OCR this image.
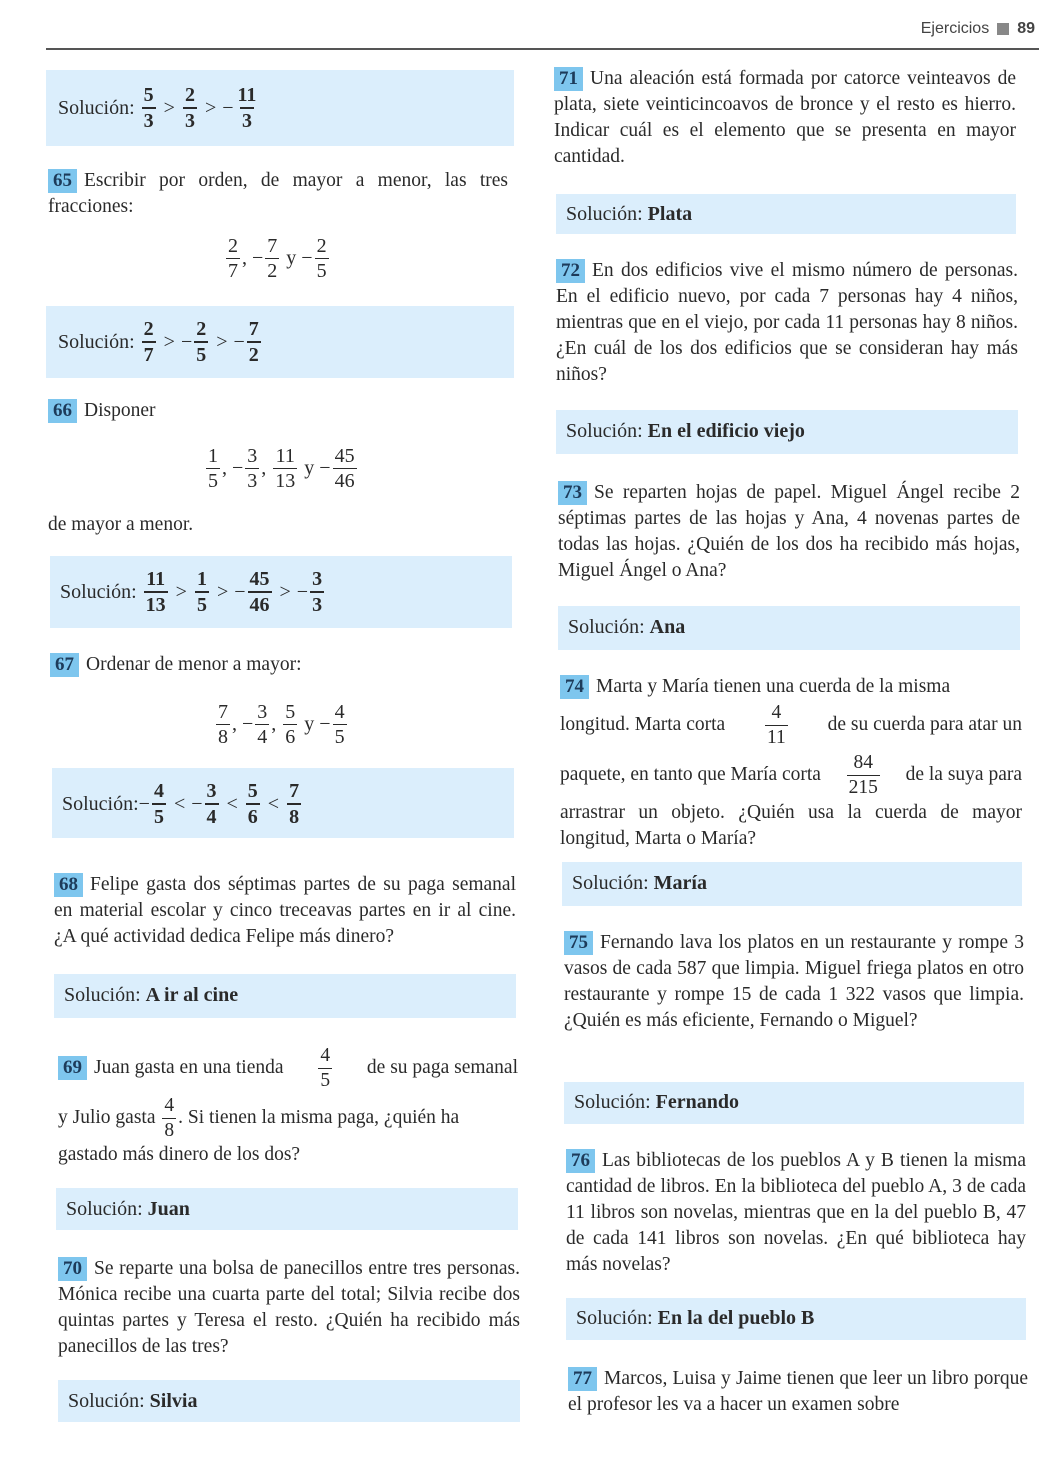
Ejercicios 89
Solución:
$\frac{5}{3} > \frac{2}{3}$ > − $\frac{11}{3}$
65 Escribir por orden, de mayor a menor, las tres fracciones:
$\frac{2}{7}$ ,
− $\frac{7}{2}$
y
− $\frac{2}{5}$
Solución:
$\frac{2}{7}$ > − $\frac{2}{5}$ > − $\frac{7}{2}$
66 Disponer
$\frac{1}{5}$ ,
− $\frac{3}{3}$ ,
$\frac{11}{13}$
y
− $\frac{45}{46}$
de mayor a menor.
Solución:
$\frac{11}{13} > \frac{1}{5}$ > − $\frac{45}{46}$ > − $\frac{3}{3}$
67 Ordenar de menor a mayor:
$\frac{7}{8}$ ,
− $\frac{3}{4}$ ,
$\frac{5}{6}$
y
− $\frac{4}{5}$
Solución: − $\frac{4}{5}$ < − $\frac{3}{4} < \frac{5}{6} < \frac{7}{8}$
68 Felipe gasta dos séptimas partes de su paga semanal en material escolar y cinco treceavas partes en ir al cine. ¿A qué actividad dedica Felipe más dinero?
Solución: A ir al cine
69 Juan gasta en una tienda $\frac{4}{5}$ de su paga semanal
y Julio gasta
$\frac{4}{8}$ . Si tienen la misma paga, ¿quién ha
gastado más dinero de los dos?
Solución: Juan
70 Se reparte una bolsa de panecillos entre tres personas. Mónica recibe una cuarta parte del total; Silvia recibe dos quintas partes y Teresa el resto. ¿Quién ha recibido más panecillos de las tres?
Solución: Silvia
71 Una aleación está formada por catorce veinteavos de plata, siete veinticincoavos de bronce y el resto es hierro. Indicar cuál es el elemento que se presenta en mayor cantidad.
Solución: Plata
72 En dos edificios vive el mismo número de personas. En el edificio nuevo, por cada 7 personas hay 4 niños, mientras que en el viejo, por cada 11 personas hay 8 niños. ¿En cuál de los dos edificios que se consideran hay más niños?
Solución: En el edificio viejo
73 Se reparten hojas de papel. Miguel Ángel recibe 2 séptimas partes de las hojas y Ana, 4 novenas partes de todas las hojas. ¿Quién de los dos ha recibido más hojas, Miguel Ángel o Ana?
Solución: Ana
74 Marta y María tienen una cuerda de la misma
longitud. Marta corta $\frac{4}{11}$ de su cuerda para atar un
paquete, en tanto que María corta $\frac{84}{215}$ de la suya para
arrastrar un objeto. ¿Quién usa la cuerda de mayor longitud, Marta o María?
Solución: María
75 Fernando lava los platos en un restaurante y rompe 3 vasos de cada 587 que limpia. Miguel friega platos en otro restaurante y rompe 15 de cada 1 322 vasos que limpia. ¿Quién es más eficiente, Fernando o Miguel?
Solución: Fernando
76 Las bibliotecas de los pueblos A y B tienen la misma cantidad de libros. En la biblioteca del pueblo A, 3 de cada 11 libros son novelas, mientras que en la del pueblo B, 47 de cada 141 libros son novelas. ¿En qué biblioteca hay más novelas?
Solución: En la del pueblo B
77 Marcos, Luisa y Jaime tienen que leer un libro porque el profesor les va a hacer un examen sobre
